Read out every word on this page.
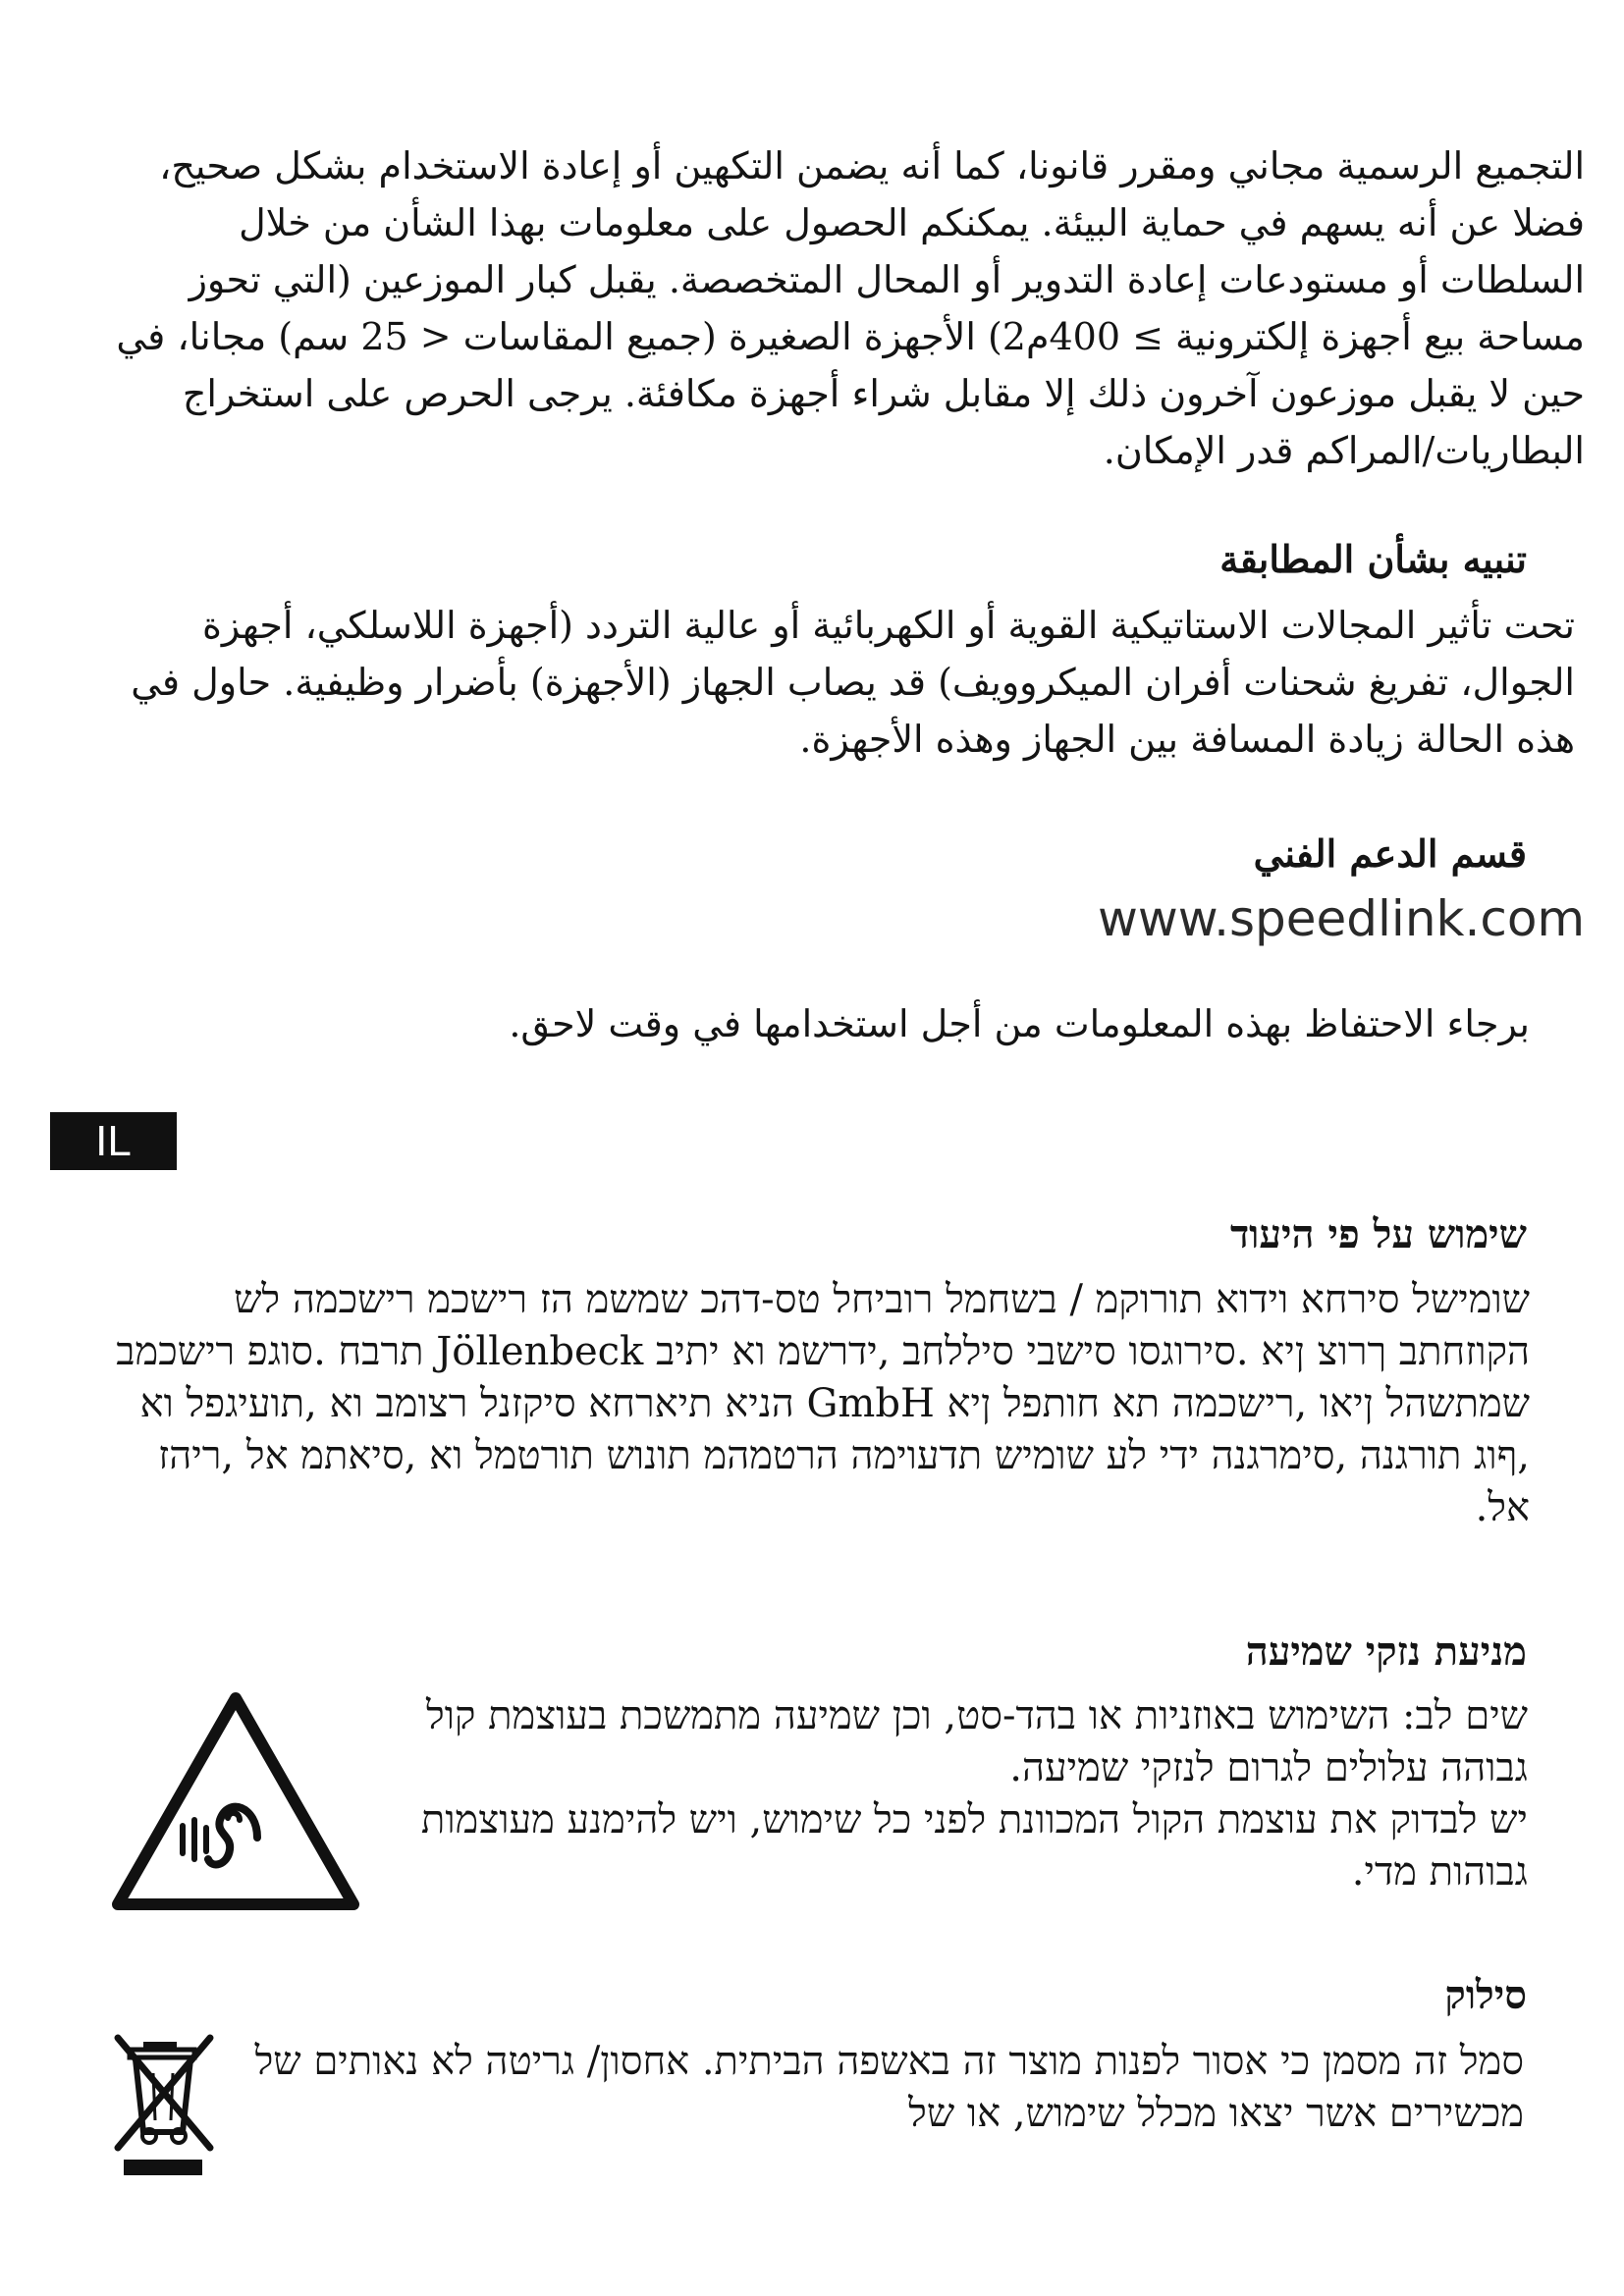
التجميع الرسمية مجاني ومقرر قانونا، كما أنه يضمن التكهين أو إعادة الاستخدام بشكل صحيح، فضلا عن أنه يسهم في حماية البيئة. يمكنكم الحصول على معلومات بهذا الشأن من خلال السلطات أو مستودعات إعادة التدوير أو المحال المتخصصة. يقبل كبار الموزعين (التي تحوز مساحة بيع أجهزة إلكترونية ≥ 400م2) الأجهزة الصغيرة (جميع المقاسات < 25 سم) مجانا، في حين لا يقبل موزعون آخرون ذلك إلا مقابل شراء أجهزة مكافئة. يرجى الحرص على استخراج البطاريات/المراكم قدر الإمكان.
تنبيه بشأن المطابقة
تحت تأثير المجالات الاستاتيكية القوية أو الكهربائية أو عالية التردد (أجهزة اللاسلكي، أجهزة الجوال، تفريغ شحنات أفران الميكروويف) قد يصاب الجهاز (الأجهزة) بأضرار وظيفية. حاول في هذه الحالة زيادة المسافة بين الجهاز وهذه الأجهزة.
قسم الدعم الفني
www.speedlink.com
برجاء الاحتفاظ بهذه المعلومات من أجل استخدامها في وقت لاحق.
IL
שימוש על פי היעוד
שומישל סירחא וידוא תורוקמ / בשחמל רוביחל טס-דהכ שמשמ הז רישכמ רישכמה לש הקוזחתב ךרוצ ןיא .סירוגסו סישבי סיללחב ,ידרשמ וא יתיב Jöllenbeck תרבח .סוגפ רישכמב שמתשהל ןיאו ,רישכמה תא חותפל ןיא GmbH הניא תיארחא סיקזנל רצומב וא ,תועיגפל וא ,ףוג תורגנה ,סימרגנה ידי לע שומיש תדעוימה הרטמהמ תונוש תורטמל וא ,סיאתמ אל ,ריהז אל.
מניעת נזקי שמיעה
שים לב: השימוש באוזניות או בהד-סט, וכן שמיעה מתמשכת בעוצמת קול גבוהה עלולים לגרום לנזקי שמיעה.
יש לבדוק את עוצמת הקול המכוונת לפני כל שימוש, ויש להימנע מעוצמות גבוהות מדי.
סילוק
סמל זה מסמן כי אסור לפנות מוצר זה באשפה הביתית. אחסון/ גריטה לא נאותים של מכשירים אשר יצאו מכלל שימוש, או של
